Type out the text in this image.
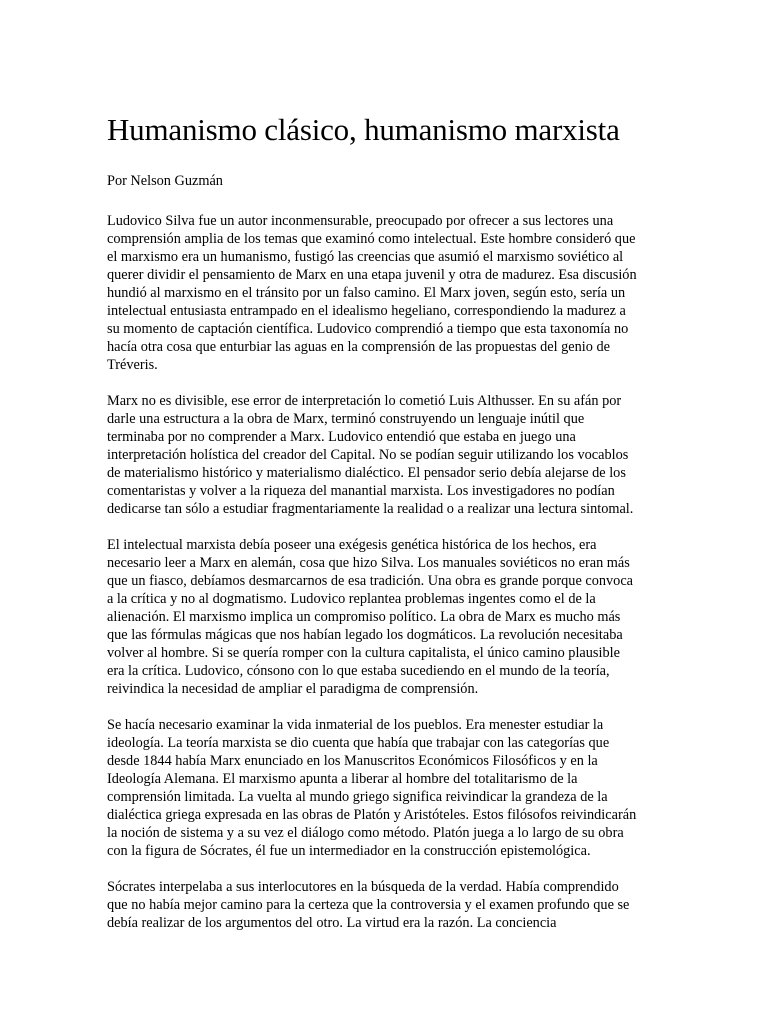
Humanismo clásico, humanismo marxista

Por Nelson Guzmán

Ludovico Silva fue un autor inconmensurable, preocupado por ofrecer a sus lectores una comprensión amplia de los temas que examinó como intelectual. Este hombre consideró que el marxismo era un humanismo, fustigó las creencias que asumió el marxismo soviético al querer dividir el pensamiento de Marx en una etapa juvenil y otra de madurez. Esa discusión hundió al marxismo en el tránsito por un falso camino. El Marx joven, según esto, sería un intelectual entusiasta entrampado en el idealismo hegeliano, correspondiendo la madurez a su momento de captación científica. Ludovico comprendió a tiempo que esta taxonomía no hacía otra cosa que enturbiar las aguas en la comprensión de las propuestas del genio de Tréveris.

Marx no es divisible, ese error de interpretación lo cometió Luis Althusser. En su afán por darle una estructura a la obra de Marx, terminó construyendo un lenguaje inútil que terminaba por no comprender a Marx. Ludovico entendió que estaba en juego una interpretación holística del creador del Capital. No se podían seguir utilizando los vocablos de materialismo histórico y materialismo dialéctico. El pensador serio debía alejarse de los comentaristas y volver a la riqueza del manantial marxista. Los investigadores no podían dedicarse tan sólo a estudiar fragmentariamente la realidad o a realizar una lectura sintomal.

El intelectual marxista debía poseer una exégesis genética histórica de los hechos, era necesario leer a Marx en alemán, cosa que hizo Silva. Los manuales soviéticos no eran más que un fiasco, debíamos desmarcarnos de esa tradición. Una obra es grande porque convoca a la crítica y no al dogmatismo. Ludovico replantea problemas ingentes como el de la alienación. El marxismo implica un compromiso político. La obra de Marx es mucho más que las fórmulas mágicas que nos habían legado los dogmáticos. La revolución necesitaba volver al hombre. Si se quería romper con la cultura capitalista, el único camino plausible era la crítica. Ludovico, cónsono con lo que estaba sucediendo en el mundo de la teoría, reivindica la necesidad de ampliar el paradigma de comprensión.

Se hacía necesario examinar la vida inmaterial de los pueblos. Era menester estudiar la ideología. La teoría marxista se dio cuenta que había que trabajar con las categorías que desde 1844 había Marx enunciado en los Manuscritos Económicos Filosóficos y en la Ideología Alemana. El marxismo apunta a liberar al hombre del totalitarismo de la comprensión limitada. La vuelta al mundo griego significa reivindicar la grandeza de la dialéctica griega expresada en las obras de Platón y Aristóteles. Estos filósofos reivindicarán la noción de sistema y a su vez el diálogo como método. Platón juega a lo largo de su obra con la figura de Sócrates, él fue un intermediador en la construcción epistemológica.

Sócrates interpelaba a sus interlocutores en la búsqueda de la verdad. Había comprendido que no había mejor camino para la certeza que la controversia y el examen profundo que se debía realizar de los argumentos del otro. La virtud era la razón. La conciencia
